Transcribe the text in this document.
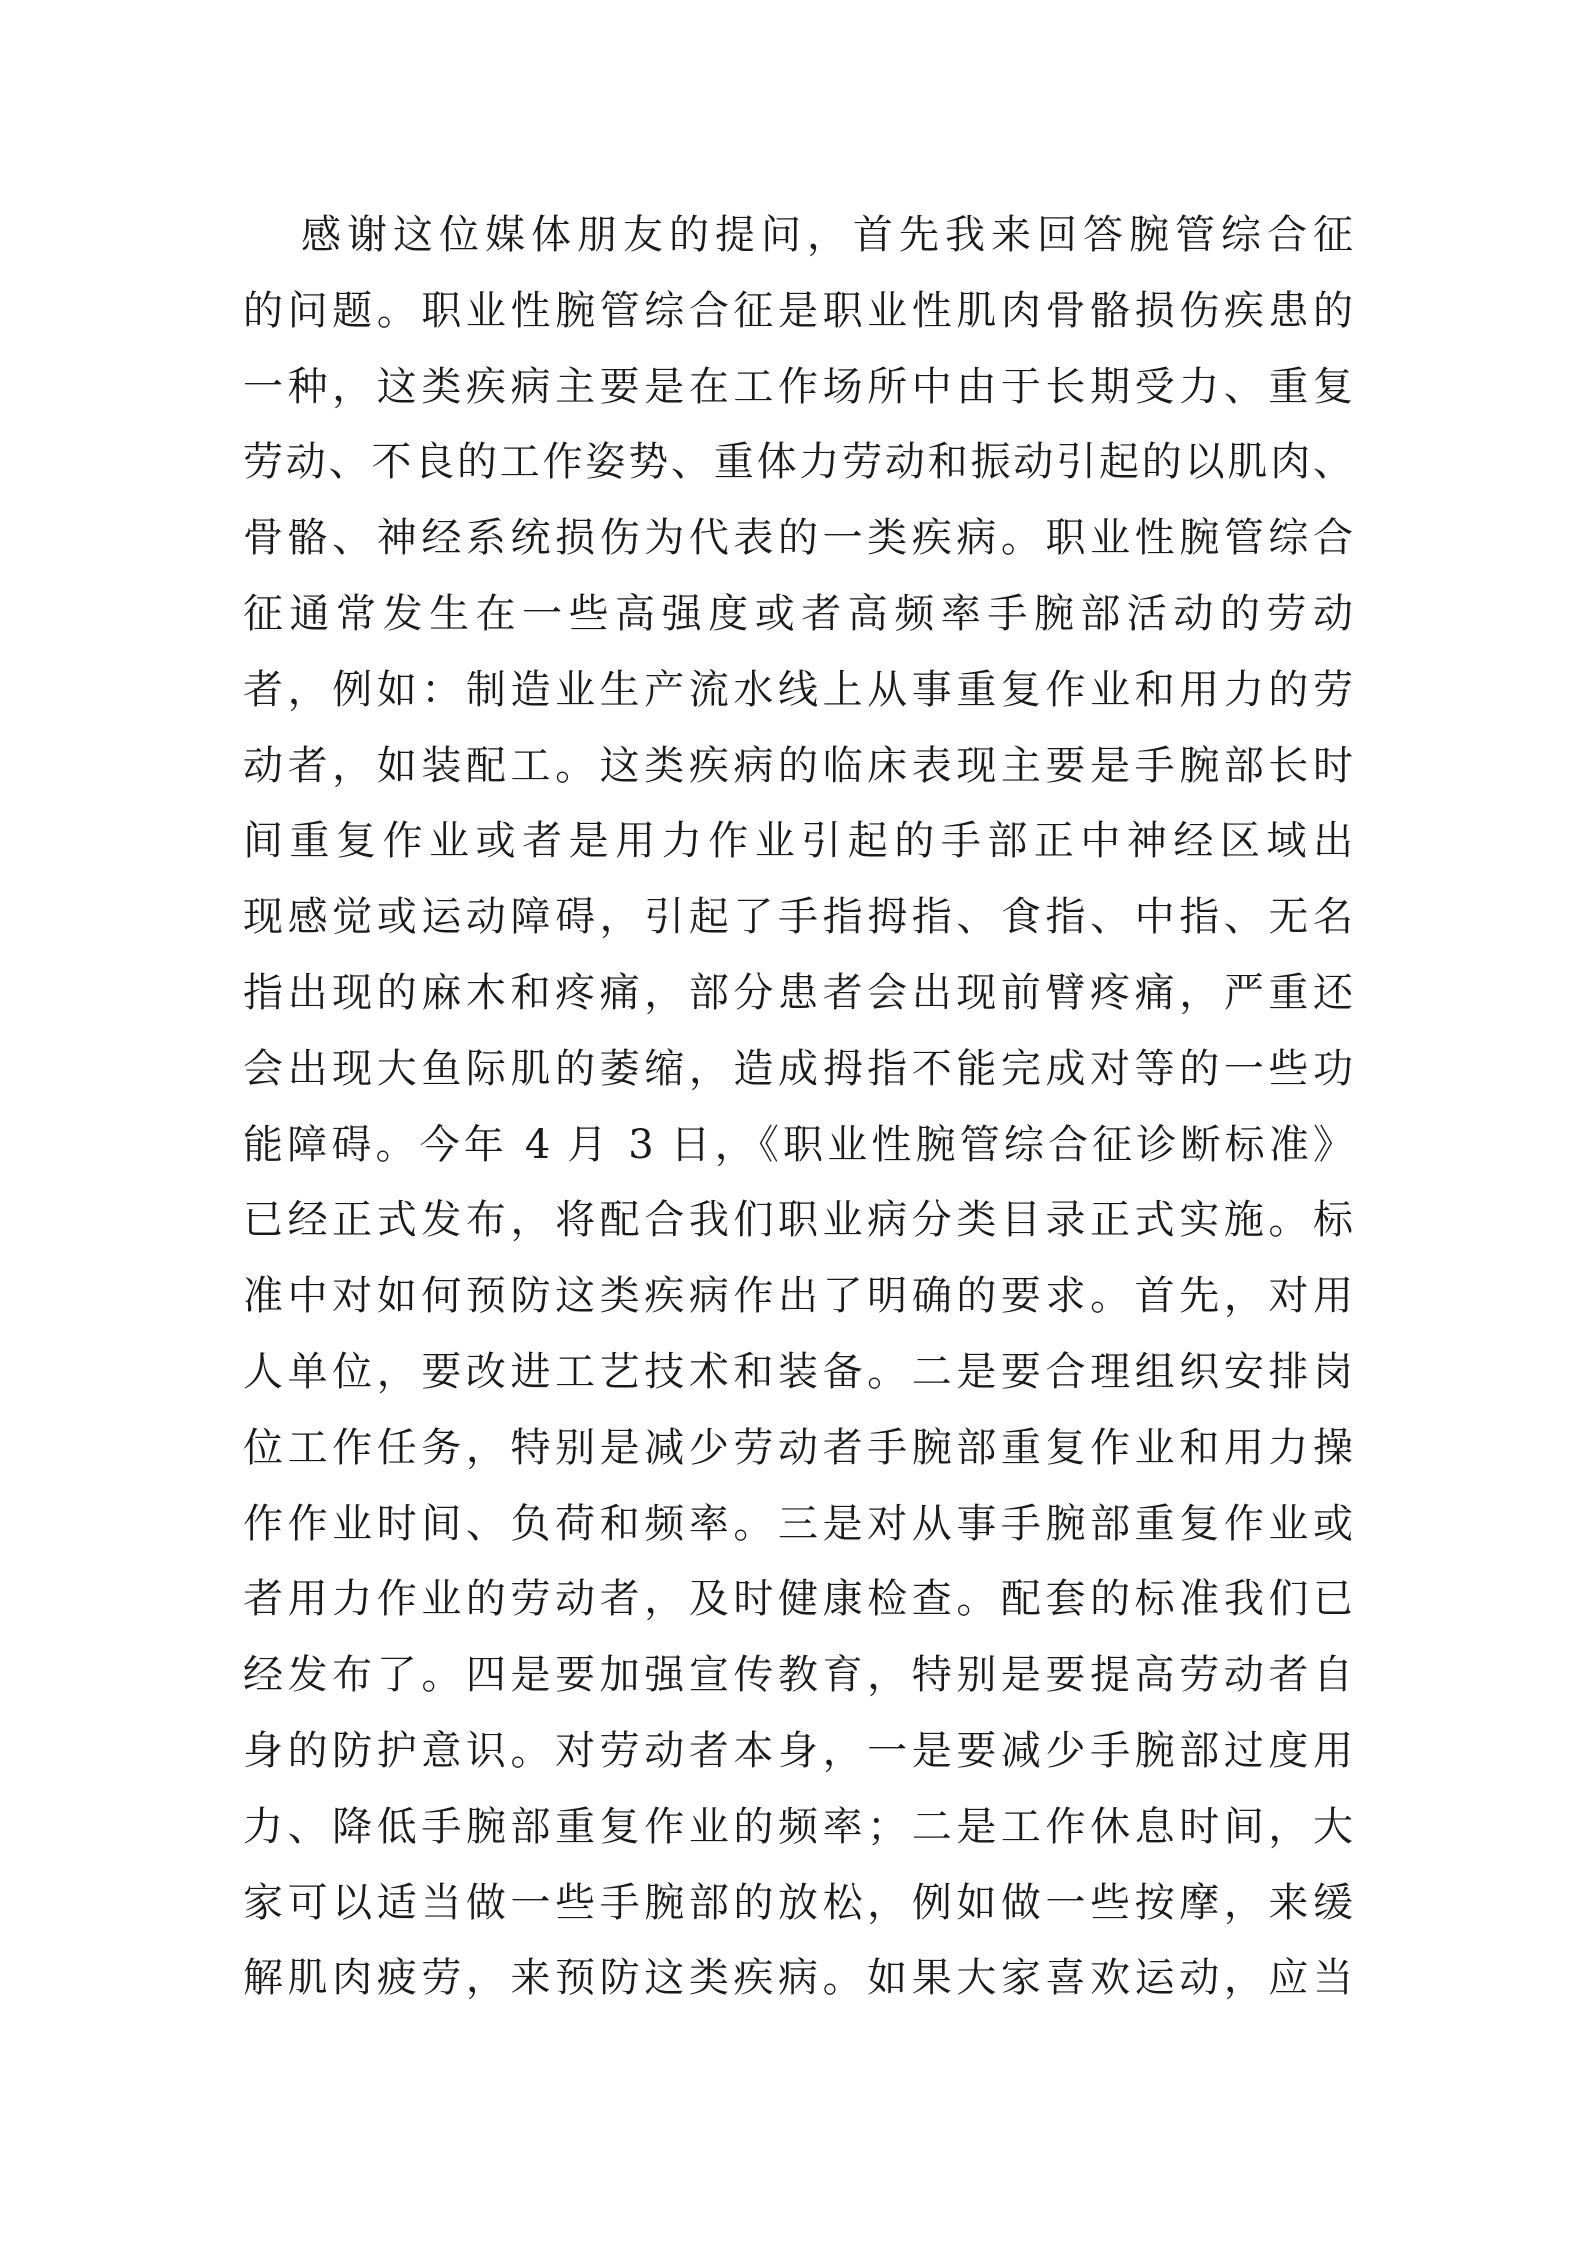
感谢这位媒体朋友的提问，首先我来回答腕管综合征
的问题。职业性腕管综合征是职业性肌肉骨骼损伤疾患的
一种，这类疾病主要是在工作场所中由于长期受力、重复
劳动、不良的工作姿势、重体力劳动和振动引起的以肌肉、
骨骼、神经系统损伤为代表的一类疾病。职业性腕管综合
征通常发生在一些高强度或者高频率手腕部活动的劳动
者，例如：制造业生产流水线上从事重复作业和用力的劳
动者，如装配工。这类疾病的临床表现主要是手腕部长时
间重复作业或者是用力作业引起的手部正中神经区域出
现感觉或运动障碍，引起了手指拇指、食指、中指、无名
指出现的麻木和疼痛，部分患者会出现前臂疼痛，严重还
会出现大鱼际肌的萎缩，造成拇指不能完成对等的一些功
能障碍。今年 4 月 3 日，《职业性腕管综合征诊断标准》
已经正式发布，将配合我们职业病分类目录正式实施。标
准中对如何预防这类疾病作出了明确的要求。首先，对用
人单位，要改进工艺技术和装备。二是要合理组织安排岗
位工作任务，特别是减少劳动者手腕部重复作业和用力操
作作业时间、负荷和频率。三是对从事手腕部重复作业或
者用力作业的劳动者，及时健康检查。配套的标准我们已
经发布了。四是要加强宣传教育，特别是要提高劳动者自
身的防护意识。对劳动者本身，一是要减少手腕部过度用
力、降低手腕部重复作业的频率；二是工作休息时间，大
家可以适当做一些手腕部的放松，例如做一些按摩，来缓
解肌肉疲劳，来预防这类疾病。如果大家喜欢运动，应当
